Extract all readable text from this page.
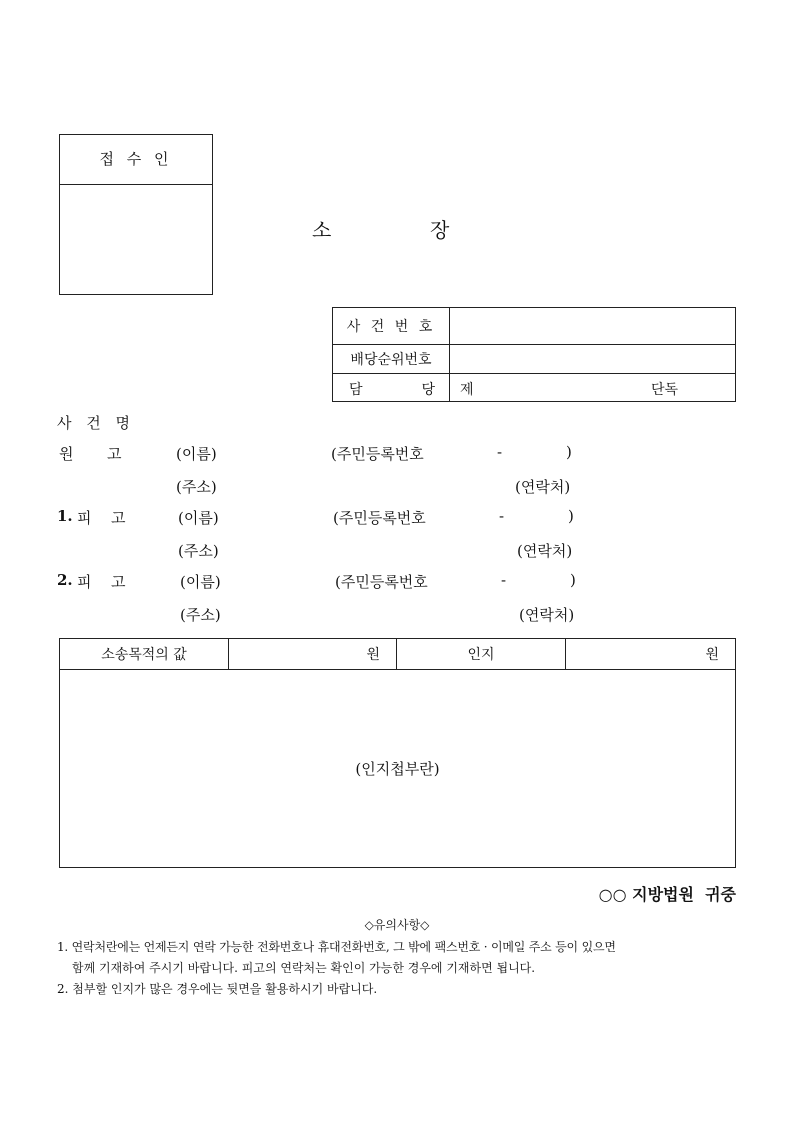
접 수 인
소	장
사 건 번 호	
배당순위번호	

담 당	제 단독
사 건 명
원 고	(이름)	(주민등록번호	-	)
(주소)	(연락처)
1. 피 고	(이름)	(주민등록번호	-	)
(주소)	(연락처)
2. 피 고	(이름)	(주민등록번호	-	)
(주소)	(연락처)
소송목적의 값	원	인지	원
(인지첩부란)
○○ 지방법원  귀중
◇유의사항◇
1. 연락처란에는 언제든지 연락 가능한 전화번호나 휴대전화번호, 그 밖에 팩스번호 · 이메일 주소 등이 있으면
함께 기재하여 주시기 바랍니다. 피고의 연락처는 확인이 가능한 경우에 기재하면 됩니다.
2. 첨부할 인지가 많은 경우에는 뒷면을 활용하시기 바랍니다.
